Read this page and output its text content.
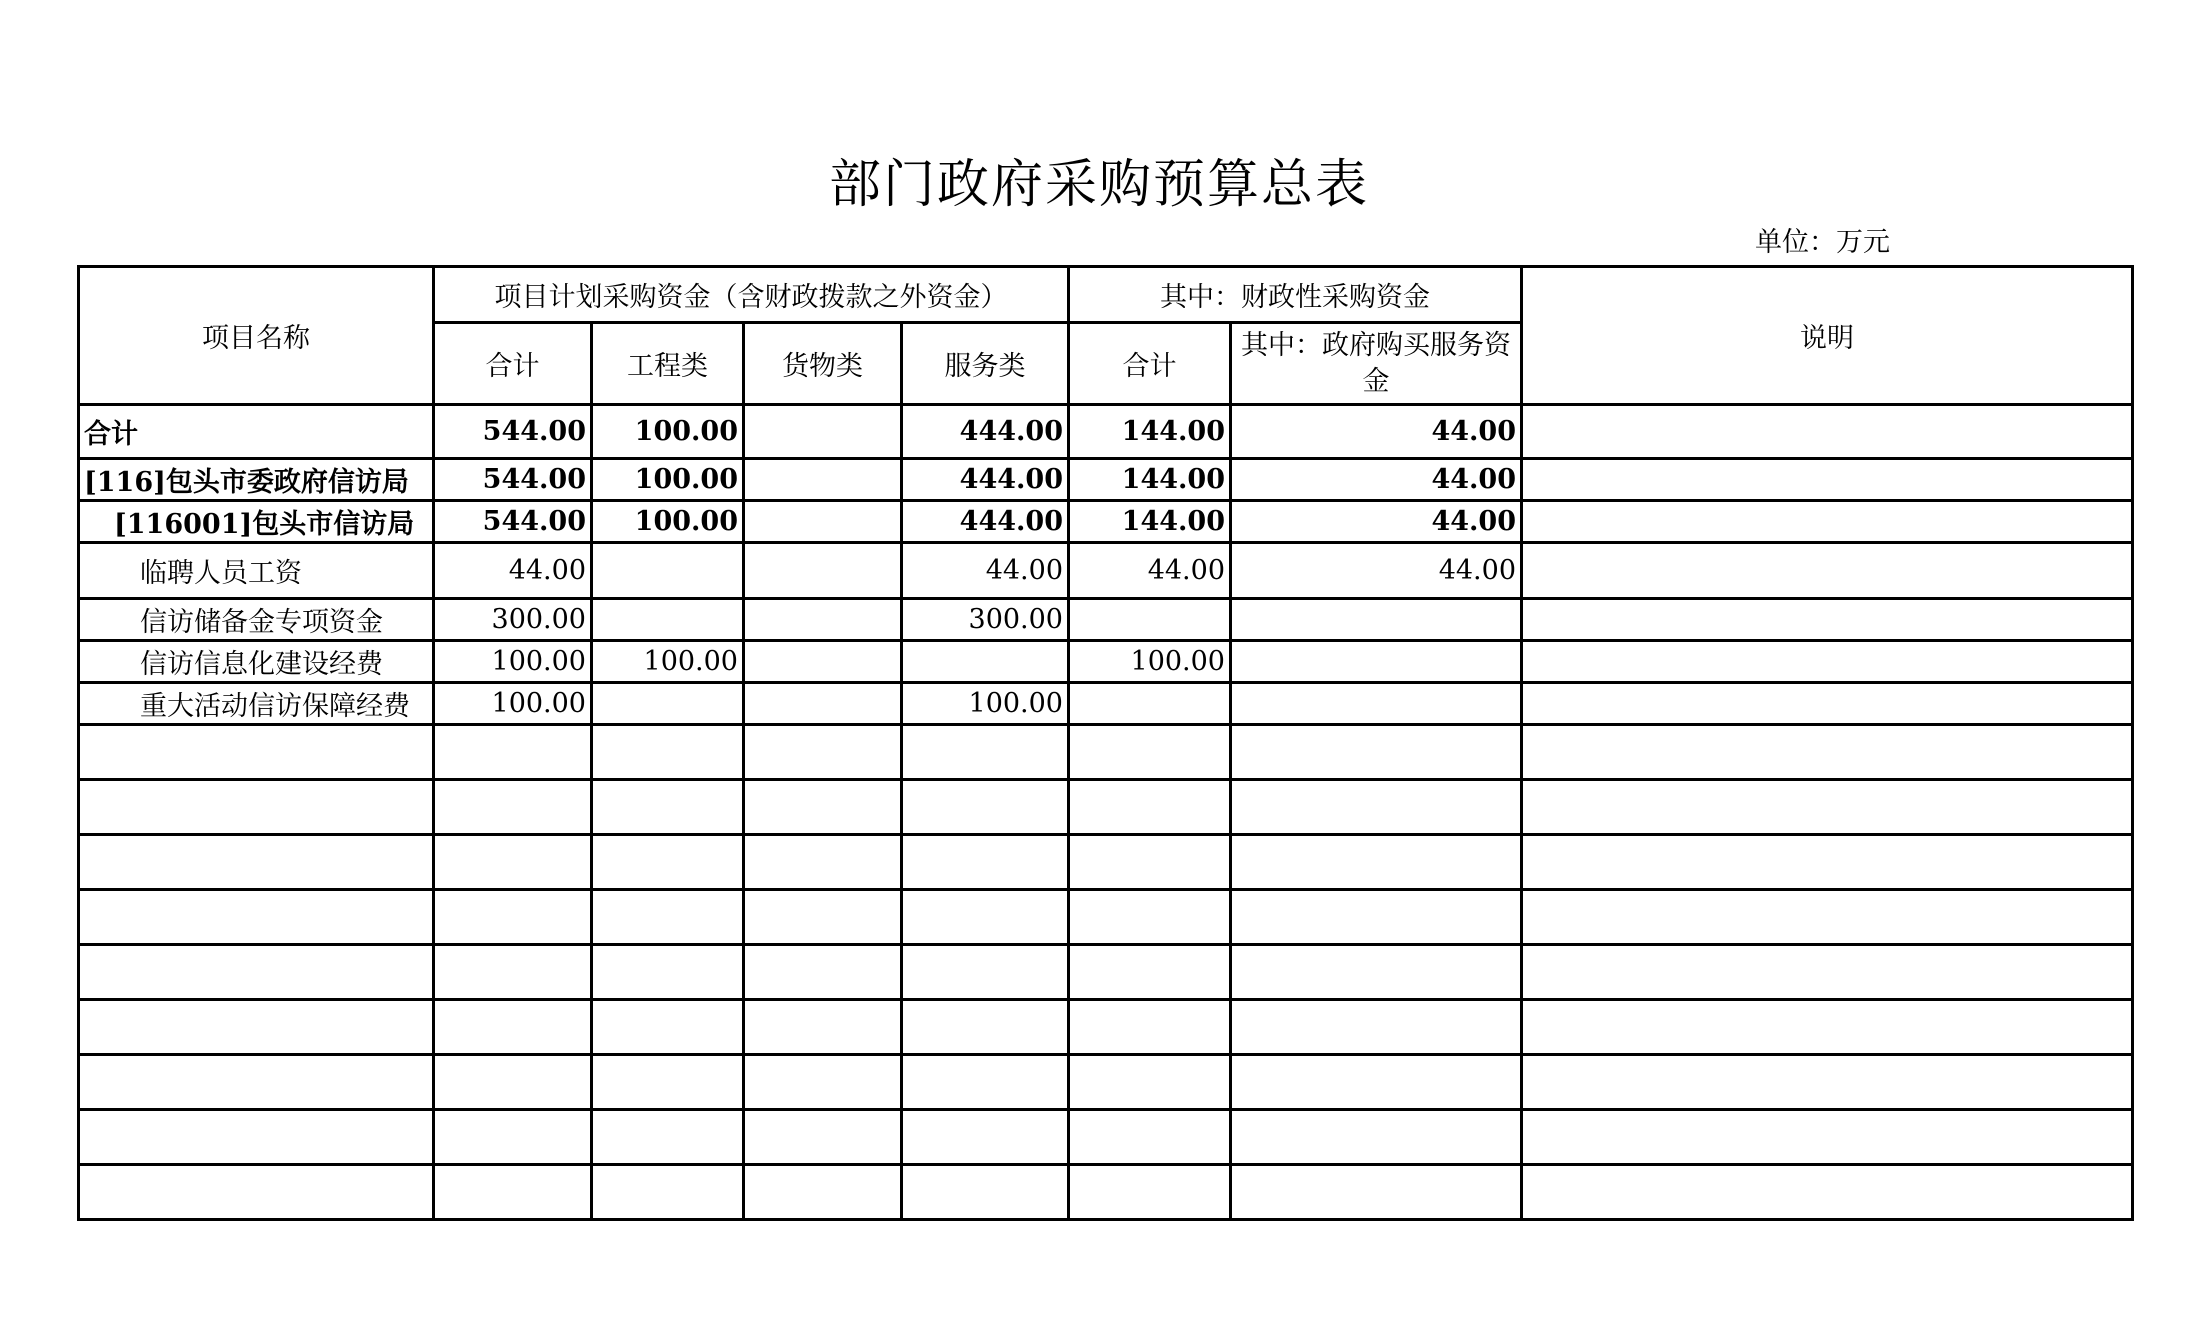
部门政府采购预算总表
单位：万元
项目名称	项目计划采购资金（含财政拨款之外资金）				其中：财政性采购资金		说明
	合计	工程类	货物类	服务类	合计	其中：政府购买服务资金	
合计	544.00	100.00		444.00	144.00	44.00	
[116]包头市委政府信访局	544.00	100.00		444.00	144.00	44.00	
[116001]包头市信访局	544.00	100.00		444.00	144.00	44.00	
临聘人员工资	44.00			44.00	44.00	44.00	
信访储备金专项资金	300.00			300.00			
信访信息化建设经费	100.00	100.00			100.00		
重大活动信访保障经费	100.00			100.00			
